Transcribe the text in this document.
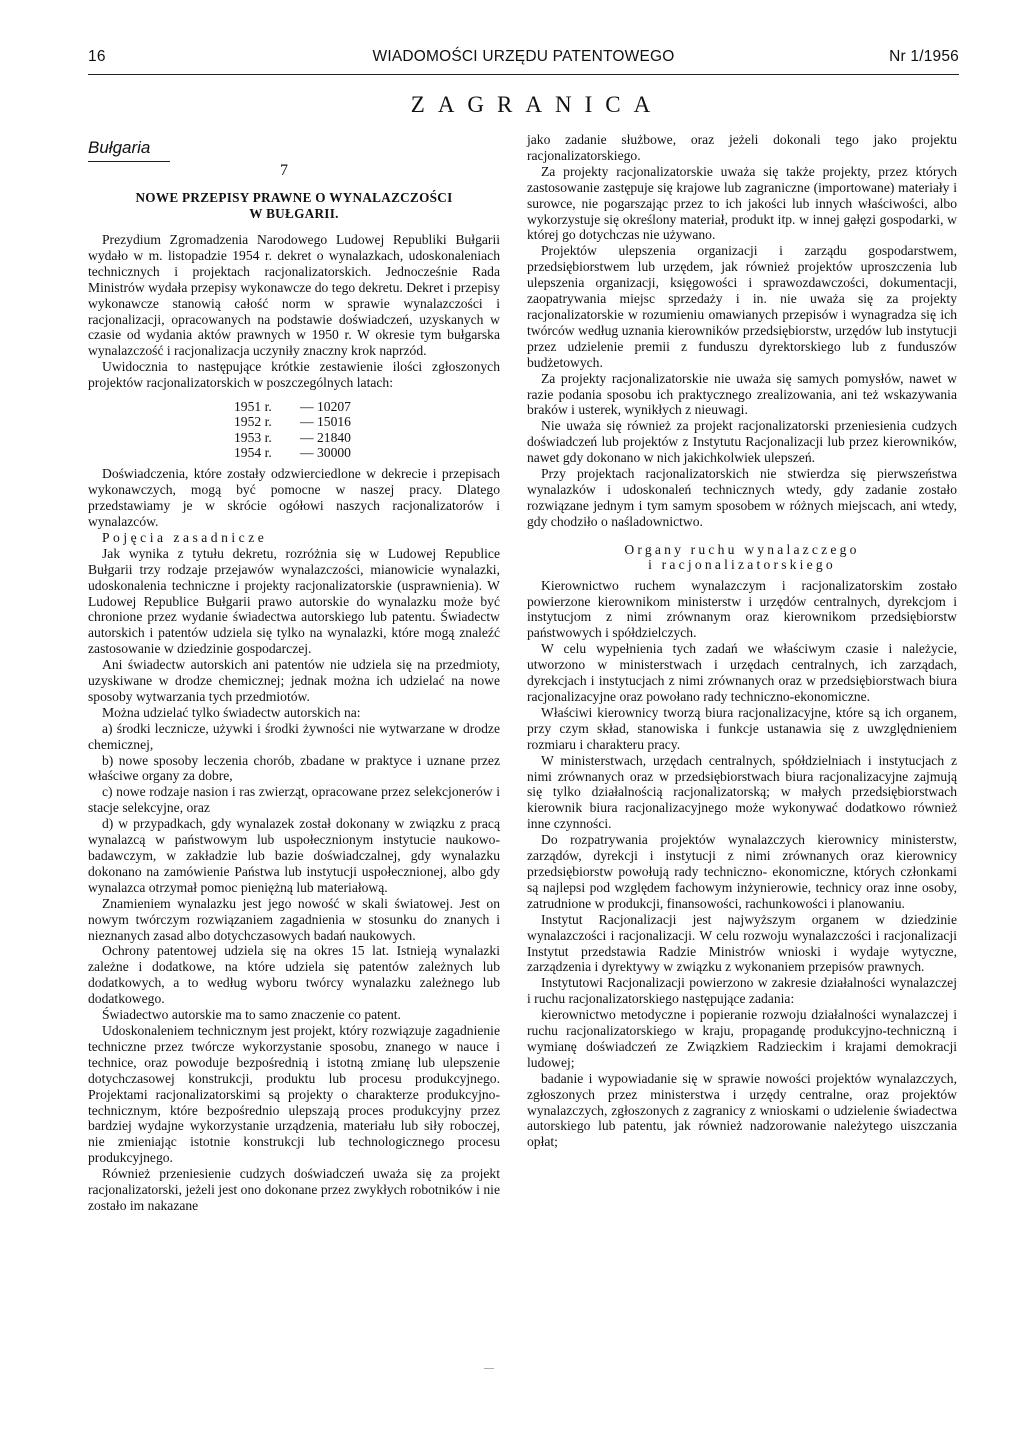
16	WIADOMOŚCI URZĘDU PATENTOWEGO	Nr 1/1956
ZAGRANICA
Bułgaria
7
NOWE PRZEPISY PRAWNE O WYNALAZCZOŚCI
W BUŁGARII.

Prezydium Zgromadzenia Narodowego Ludowej Republiki Bułgarii wydało w m. listopadzie 1954 r. dekret o wynalazkach, udoskonaleniach technicznych i projektach racjonalizatorskich. Jednocześnie Rada Ministrów wydała przepisy wykonawcze do tego dekretu. Dekret i przepisy wykonawcze stanowią całość norm w sprawie wynalazczości i racjonalizacji, opracowanych na podstawie doświadczeń, uzyskanych w czasie od wydania aktów prawnych w 1950 r. W okresie tym bułgarska wynalazczość i racjonalizacja uczyniły znaczny krok naprzód.

Uwidocznia to następujące krótkie zestawienie ilości zgłoszonych projektów racjonalizatorskich w poszczególnych latach:

1951 r.	— 10207
1952 r.	— 15016
1953 r.	— 21840
1954 r.	— 30000

Doświadczenia, które zostały odzwierciedlone w dekrecie i przepisach wykonawczych, mogą być pomocne w naszej pracy. Dlatego przedstawiamy je w skrócie ogółowi naszych racjonalizatorów i wynalazców.

Pojęcia zasadnicze

Jak wynika z tytułu dekretu, rozróżnia się w Ludowej Republice Bułgarii trzy rodzaje przejawów wynalazczości, mianowicie wynalazki, udoskonalenia techniczne i projekty racjonalizatorskie (usprawnienia). W Ludowej Republice Bułgarii prawo autorskie do wynalazku może być chronione przez wydanie świadectwa autorskiego lub patentu. Świadectw autorskich i patentów udziela się tylko na wynalazki, które mogą znaleźć zastosowanie w dziedzinie gospodarczej.

Ani świadectw autorskich ani patentów nie udziela się na przedmioty, uzyskiwane w drodze chemicznej; jednak można ich udzielać na nowe sposoby wytwarzania tych przedmiotów.

Można udzielać tylko świadectw autorskich na:

a) środki lecznicze, używki i środki żywności nie wytwarzane w drodze chemicznej,

b) nowe sposoby leczenia chorób, zbadane w praktyce i uznane przez właściwe organy za dobre,

c) nowe rodzaje nasion i ras zwierząt, opracowane przez selekcjonerów i stacje selekcyjne, oraz

d) w przypadkach, gdy wynalazek został dokonany w związku z pracą wynalazcą w państwowym lub uspołecznionym instytucie naukowo-badawczym, w zakładzie lub bazie doświadczalnej, gdy wynalazku dokonano na zamówienie Państwa lub instytucji uspołecznionej, albo gdy wynalazca otrzymał pomoc pieniężną lub materiałową.

Znamieniem wynalazku jest jego nowość w skali światowej. Jest on nowym twórczym rozwiązaniem zagadnienia w stosunku do znanych i nieznanych zasad albo dotychczasowych badań naukowych.

Ochrony patentowej udziela się na okres 15 lat. Istnieją wynalazki zależne i dodatkowe, na które udziela się patentów zależnych lub dodatkowych, a to według wyboru twórcy wynalazku zależnego lub dodatkowego.

Świadectwo autorskie ma to samo znaczenie co patent.

Udoskonaleniem technicznym jest projekt, który rozwiązuje zagadnienie techniczne przez twórcze wykorzystanie sposobu, znanego w nauce i technice, oraz powoduje bezpośrednią i istotną zmianę lub ulepszenie dotychczasowej konstrukcji, produktu lub procesu produkcyjnego. Projektami racjonalizatorskimi są projekty o charakterze produkcyjno-technicznym, które bezpośrednio ulepszają proces produkcyjny przez bardziej wydajne wykorzystanie urządzenia, materiału lub siły roboczej, nie zmieniając istotnie konstrukcji lub technologicznego procesu produkcyjnego.

Również przeniesienie cudzych doświadczeń uważa się za projekt racjonalizatorski, jeżeli jest ono dokonane przez zwykłych robotników i nie zostało im nakazane

jako zadanie służbowe, oraz jeżeli dokonali tego jako projektu racjonalizatorskiego.

Za projekty racjonalizatorskie uważa się także projekty, przez których zastosowanie zastępuje się krajowe lub zagraniczne (importowane) materiały i surowce, nie pogarszając przez to ich jakości lub innych właściwości, albo wykorzystuje się określony materiał, produkt itp. w innej gałęzi gospodarki, w której go dotychczas nie używano.

Projektów ulepszenia organizacji i zarządu gospodarstwem, przedsiębiorstwem lub urzędem, jak również projektów uproszczenia lub ulepszenia organizacji, księgowości i sprawozdawczości, dokumentacji, zaopatrywania miejsc sprzedaży i in. nie uważa się za projekty racjonalizatorskie w rozumieniu omawianych przepisów i wynagradza się ich twórców według uznania kierowników przedsiębiorstw, urzędów lub instytucji przez udzielenie premii z funduszu dyrektorskiego lub z funduszów budżetowych.

Za projekty racjonalizatorskie nie uważa się samych pomysłów, nawet w razie podania sposobu ich praktycznego zrealizowania, ani też wskazywania braków i usterek, wynikłych z nieuwagi.

Nie uważa się również za projekt racjonalizatorski przeniesienia cudzych doświadczeń lub projektów z Instytutu Racjonalizacji lub przez kierowników, nawet gdy dokonano w nich jakichkolwiek ulepszeń.

Przy projektach racjonalizatorskich nie stwierdza się pierwszeństwa wynalazków i udoskonaleń technicznych wtedy, gdy zadanie zostało rozwiązane jednym i tym samym sposobem w różnych miejscach, ani wtedy, gdy chodziło o naśladownictwo.

Organy ruchu wynalazczego
i racjonalizatorskiego

Kierownictwo ruchem wynalazczym i racjonalizatorskim zostało powierzone kierownikom ministerstw i urzędów centralnych, dyrekcjom i instytucjom z nimi zrównanym oraz kierownikom przedsiębiorstw państwowych i spółdzielczych.

W celu wypełnienia tych zadań we właściwym czasie i należycie, utworzono w ministerstwach i urzędach centralnych, ich zarządach, dyrekcjach i instytucjach z nimi zrównanych oraz w przedsiębiorstwach biura racjonalizacyjne oraz powołano rady techniczno-ekonomiczne.

Właściwi kierownicy tworzą biura racjonalizacyjne, które są ich organem, przy czym skład, stanowiska i funkcje ustanawia się z uwzględnieniem rozmiaru i charakteru pracy.

W ministerstwach, urzędach centralnych, spółdzielniach i instytucjach z nimi zrównanych oraz w przedsiębiorstwach biura racjonalizacyjne zajmują się tylko działalnością racjonalizatorską; w małych przedsiębiorstwach kierownik biura racjonalizacyjnego może wykonywać dodatkowo również inne czynności.

Do rozpatrywania projektów wynalazczych kierownicy ministerstw, zarządów, dyrekcji i instytucji z nimi zrównanych oraz kierownicy przedsiębiorstw powołują rady techniczno- ekonomiczne, których członkami są najlepsi pod względem fachowym inżynierowie, technicy oraz inne osoby, zatrudnione w produkcji, finansowości, rachunkowości i planowaniu.

Instytut Racjonalizacji jest najwyższym organem w dziedzinie wynalazczości i racjonalizacji. W celu rozwoju wynalazczości i racjonalizacji Instytut przedstawia Radzie Ministrów wnioski i wydaje wytyczne, zarządzenia i dyrektywy w związku z wykonaniem przepisów prawnych.

Instytutowi Racjonalizacji powierzono w zakresie działalności wynalazczej i ruchu racjonalizatorskiego następujące zadania:

kierownictwo metodyczne i popieranie rozwoju działalności wynalazczej i ruchu racjonalizatorskiego w kraju, propagandę produkcyjno-techniczną i wymianę doświadczeń ze Związkiem Radzieckim i krajami demokracji ludowej;

badanie i wypowiadanie się w sprawie nowości projektów wynalazczych, zgłoszonych przez ministerstwa i urzędy centralne, oraz projektów wynalazczych, zgłoszonych z zagranicy z wnioskami o udzielenie świadectwa autorskiego lub patentu, jak również nadzorowanie należytego uiszczania opłat;

—
